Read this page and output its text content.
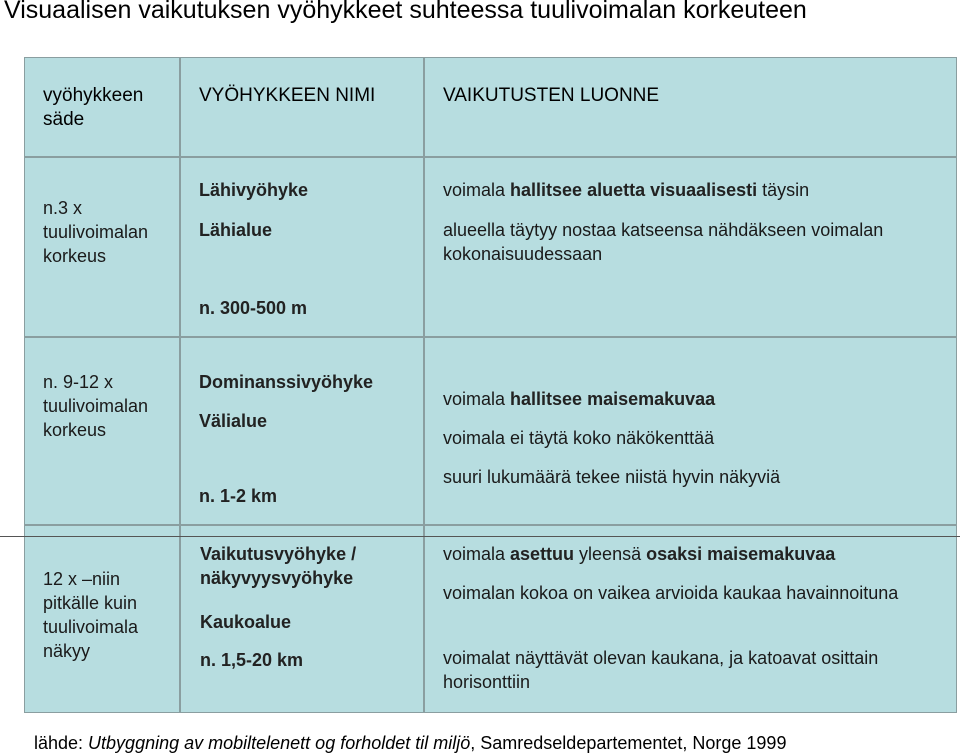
Visuaalisen vaikutuksen vyöhykkeet suhteessa tuulivoimalan korkeuteen
vyöhykkeen säde
VYÖHYKKEEN NIMI	VAIKUTUSTEN LUONNE
n.3 x tuulivoimalan korkeus
Lähivyöhyke
Lähialue
n. 300-500 m
voimala hallitsee aluetta visuaalisesti täysin
alueella täytyy nostaa katseensa nähdäkseen voimalan kokonaisuudessaan
n. 9-12 x tuulivoimalan korkeus
Dominanssivyöhyke
Välialue
n. 1-2 km
voimala hallitsee maisemakuvaa
voimala ei täytä koko näkökenttää
suuri lukumäärä tekee niistä hyvin näkyviä
12 x –niin pitkälle kuin tuulivoimala näkyy
Vaikutusvyöhyke / näkyvyysvyöhyke
Kaukoalue
n. 1,5-20 km
voimala asettuu yleensä osaksi maisemakuvaa
voimalan kokoa on vaikea arvioida kaukaa havainnoituna
voimalat näyttävät olevan kaukana, ja katoavat osittain horisonttiin
lähde: Utbyggning av mobiltelenett og forholdet til miljö, Samredseldepartementet, Norge 1999
